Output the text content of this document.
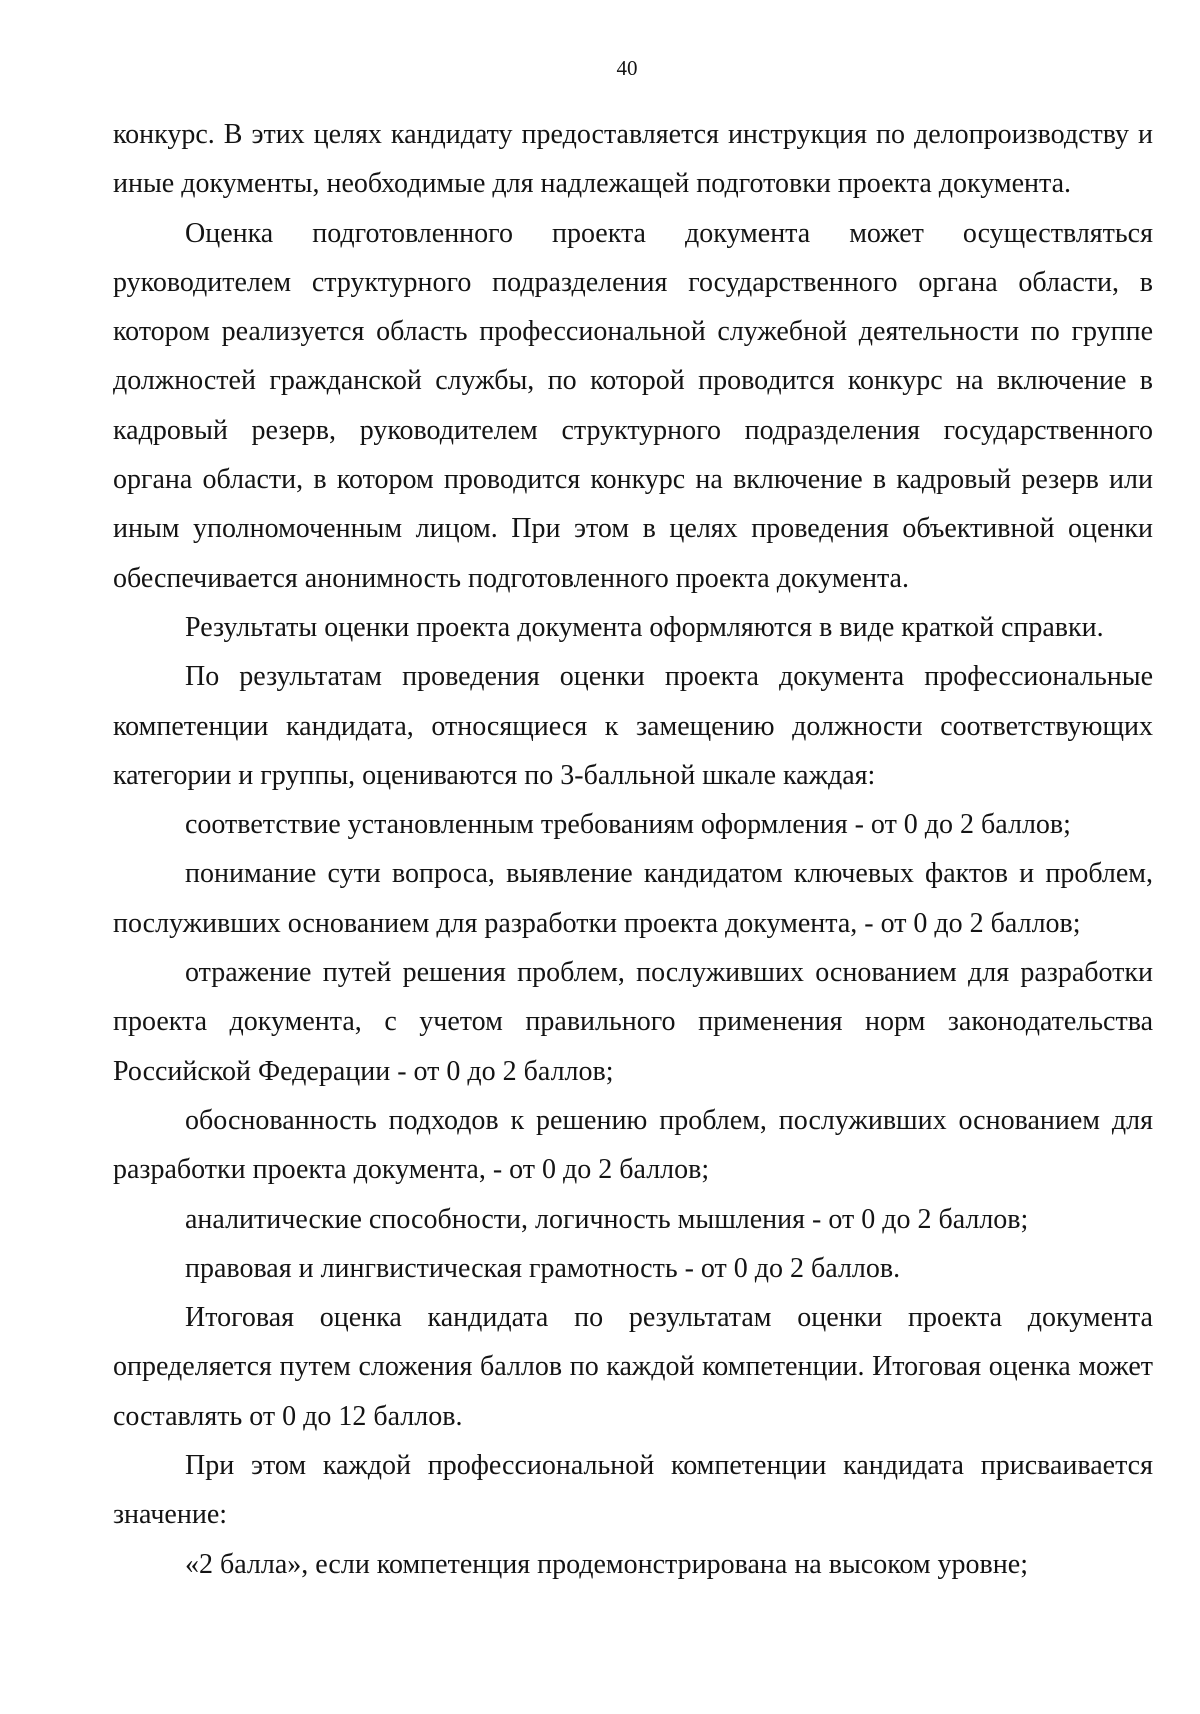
40

конкурс. В этих целях кандидату предоставляется инструкция по делопроизводству и иные документы, необходимые для надлежащей подготовки проекта документа.

Оценка подготовленного проекта документа может осуществляться руководителем структурного подразделения государственного органа области, в котором реализуется область профессиональной служебной деятельности по группе должностей гражданской службы, по которой проводится конкурс на включение в кадровый резерв, руководителем структурного подразделения государственного органа области, в котором проводится конкурс на включение в кадровый резерв или иным уполномоченным лицом. При этом в целях проведения объективной оценки обеспечивается анонимность подготовленного проекта документа.

Результаты оценки проекта документа оформляются в виде краткой справки.

По результатам проведения оценки проекта документа профессиональные компетенции кандидата, относящиеся к замещению должности соответствующих категории и группы, оцениваются по 3-балльной шкале каждая:

соответствие установленным требованиям оформления - от 0 до 2 баллов;

понимание сути вопроса, выявление кандидатом ключевых фактов и проблем, послуживших основанием для разработки проекта документа, - от 0 до 2 баллов;

отражение путей решения проблем, послуживших основанием для разработки проекта документа, с учетом правильного применения норм законодательства Российской Федерации - от 0 до 2 баллов;

обоснованность подходов к решению проблем, послуживших основанием для разработки проекта документа, - от 0 до 2 баллов;

аналитические способности, логичность мышления - от 0 до 2 баллов;

правовая и лингвистическая грамотность - от 0 до 2 баллов.

Итоговая оценка кандидата по результатам оценки проекта документа определяется путем сложения баллов по каждой компетенции. Итоговая оценка может составлять от 0 до 12 баллов.

При этом каждой профессиональной компетенции кандидата присваивается значение:

«2 балла», если компетенция продемонстрирована на высоком уровне;
